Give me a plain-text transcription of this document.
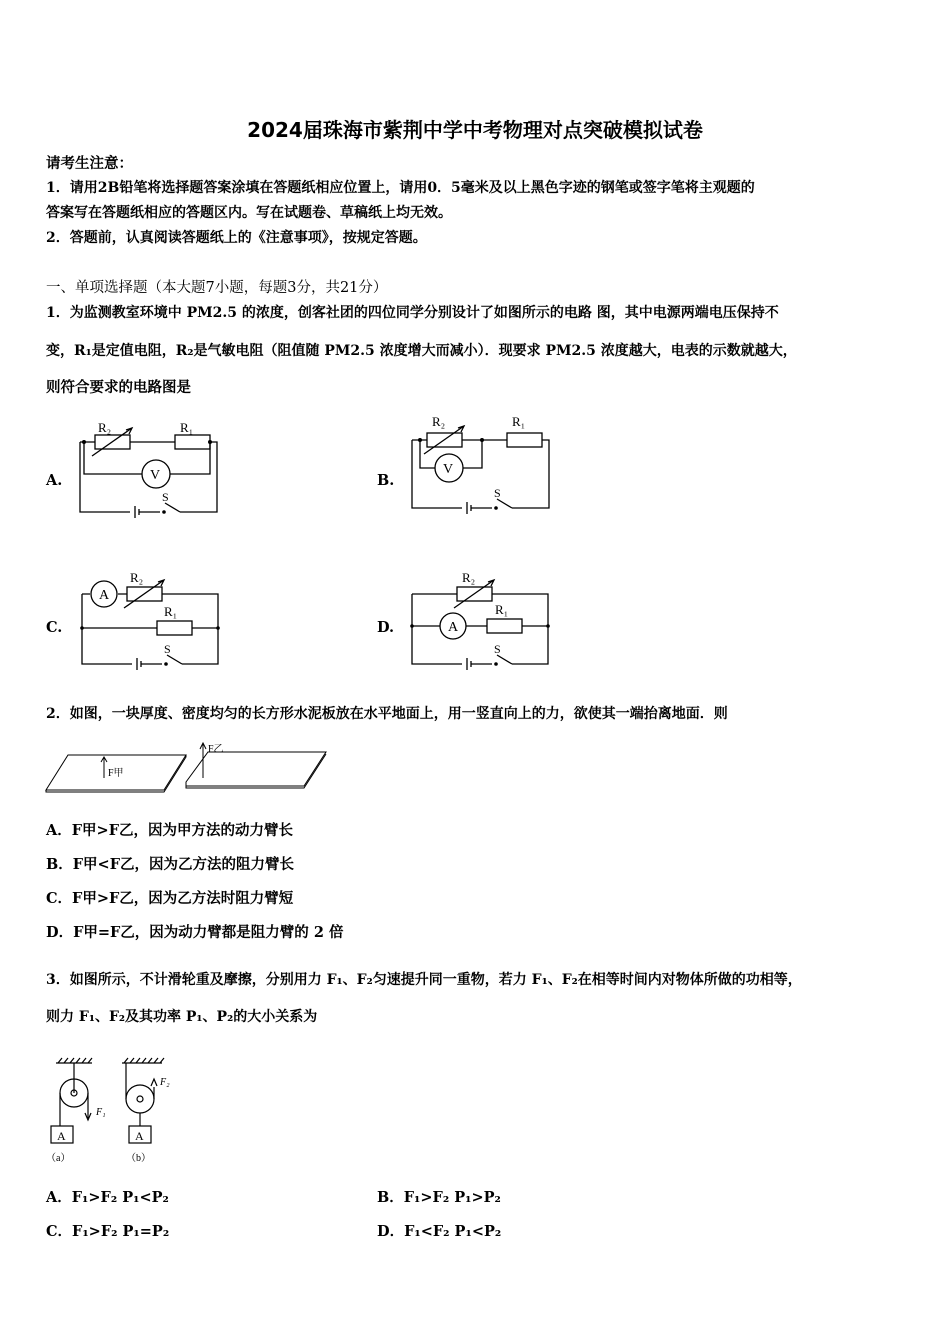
2024届珠海市紫荆中学中考物理对点突破模拟试卷
请考生注意：
1．请用2B铅笔将选择题答案涂填在答题纸相应位置上，请用0．5毫米及以上黑色字迹的钢笔或签字笔将主观题的
答案写在答题纸相应的答题区内。写在试题卷、草稿纸上均无效。
2．答题前，认真阅读答题纸上的《注意事项》，按规定答题。
一、单项选择题（本大题7小题，每题3分，共21分）
1．为监测教室环境中 PM2.5 的浓度，创客社团的四位同学分别设计了如图所示的电路 图，其中电源两端电压保持不
变，R₁是定值电阻，R₂是气敏电阻（阻值随 PM2.5 浓度增大而减小）．现要求 PM2.5 浓度越大，电表的示数就越大，
则符合要求的电路图是
A.	B.
C.	D.
R₂	R₁
V
S
R₂	R₁
V
S
A
R₂
R₁
S
R₂
R₁
A
S
2．如图，一块厚度、密度均匀的长方形水泥板放在水平地面上，用一竖直向上的力，欲使其一端抬离地面．则
F甲
F乙
A．F甲>F乙，因为甲方法的动力臂长
B．F甲<F乙，因为乙方法的阻力臂长
C．F甲>F乙，因为乙方法时阻力臂短
D．F甲=F乙，因为动力臂都是阻力臂的 2 倍
3．如图所示，不计滑轮重及摩擦，分别用力 F₁、F₂匀速提升同一重物，若力 F₁、F₂在相等时间内对物体所做的功相等，
则力 F₁、F₂及其功率 P₁、P₂的大小关系为
F₁
F₂
A	A
（a）	（b）
A．F₁>F₂ P₁<P₂	B．F₁>F₂ P₁>P₂
C．F₁>F₂ P₁=P₂	D．F₁<F₂ P₁<P₂
